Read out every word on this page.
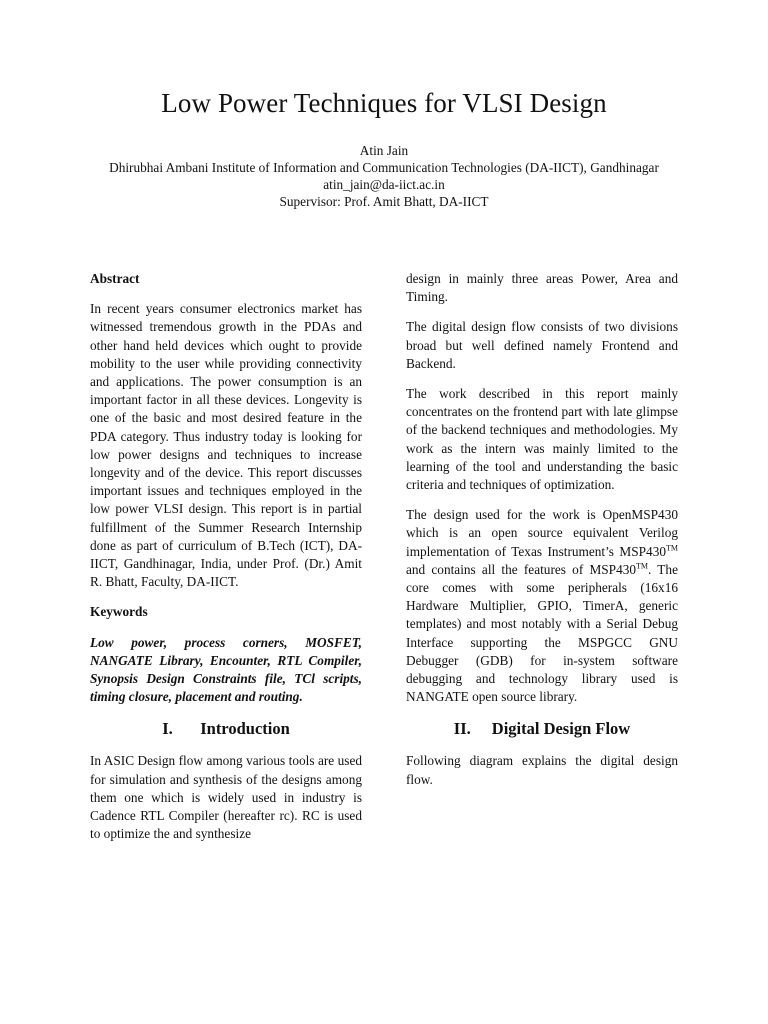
Low Power Techniques for VLSI Design
Atin Jain
Dhirubhai Ambani Institute of Information and Communication Technologies (DA-IICT), Gandhinagar
atin_jain@da-iict.ac.in
Supervisor: Prof. Amit Bhatt, DA-IICT
Abstract

In recent years consumer electronics market has witnessed tremendous growth in the PDAs and other hand held devices which ought to provide mobility to the user while providing connectivity and applications. The power consumption is an important factor in all these devices. Longevity is one of the basic and most desired feature in the PDA category. Thus industry today is looking for low power designs and techniques to increase longevity and of the device. This report discusses important issues and techniques employed in the low power VLSI design. This report is in partial fulfillment of the Summer Research Internship done as part of curriculum of B.Tech (ICT), DA-IICT, Gandhinagar, India, under Prof. (Dr.) Amit R. Bhatt, Faculty, DA-IICT.

Keywords

Low power, process corners, MOSFET, NANGATE Library, Encounter, RTL Compiler, Synopsis Design Constraints file, TCl scripts, timing closure, placement and routing.

I. Introduction

In ASIC Design flow among various tools are used for simulation and synthesis of the designs among them one which is widely used in industry is Cadence RTL Compiler (hereafter rc). RC is used to optimize the and synthesize

design in mainly three areas Power, Area and Timing.

The digital design flow consists of two divisions broad but well defined namely Frontend and Backend.

The work described in this report mainly concentrates on the frontend part with late glimpse of the backend techniques and methodologies. My work as the intern was mainly limited to the learning of the tool and understanding the basic criteria and techniques of optimization.

The design used for the work is OpenMSP430 which is an open source equivalent Verilog implementation of Texas Instrument’s MSP430™ and contains all the features of MSP430™. The core comes with some peripherals (16x16 Hardware Multiplier, GPIO, TimerA, generic templates) and most notably with a Serial Debug Interface supporting the MSPGCC GNU Debugger (GDB) for in-system software debugging and technology library used is NANGATE open source library.

II. Digital Design Flow

Following diagram explains the digital design flow.
